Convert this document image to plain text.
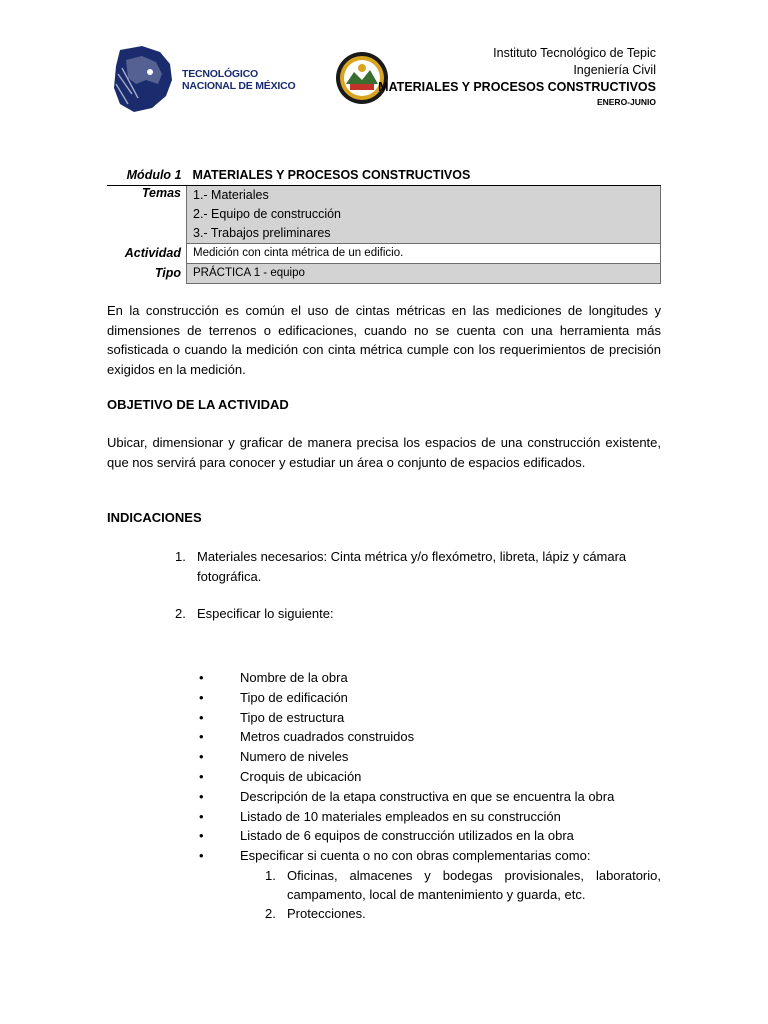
TECNOLÓGICO
NACIONAL DE MÉXICO
Instituto Tecnológico de Tepic
Ingeniería Civil
MATERIALES Y PROCESOS CONSTRUCTIVOS
ENERO-JUNIO
Módulo 1	MATERIALES Y PROCESOS CONSTRUCTIVOS
Temas	1.- Materiales
2.- Equipo de construcción
3.- Trabajos preliminares

Actividad	Medición con cinta métrica de un edificio.
Tipo	PRÁCTICA 1 - equipo
En la construcción es común el uso de cintas métricas en las mediciones de longitudes y dimensiones de terrenos o edificaciones, cuando no se cuenta con una herramienta más sofisticada o cuando la medición con cinta métrica cumple con los requerimientos de precisión exigidos en la medición.
OBJETIVO DE LA ACTIVIDAD
Ubicar, dimensionar y graficar de manera precisa los espacios de una construcción existente, que nos servirá para conocer y estudiar un área o conjunto de espacios edificados.
INDICACIONES
1. Materiales necesarios: Cinta métrica y/o flexómetro, libreta, lápiz y cámara fotográfica.
2. Especificar lo siguiente:
•	Nombre de la obra
•	Tipo de edificación
•	Tipo de estructura
•	Metros cuadrados construidos
•	Numero de niveles
•	Croquis de ubicación
•	Descripción de la etapa constructiva en que se encuentra la obra
•	Listado de 10 materiales empleados en su construcción
•	Listado de 6 equipos de construcción utilizados en la obra
•	Especificar si cuenta o no con obras complementarias como:
1. Oficinas, almacenes y bodegas provisionales, laboratorio, campamento, local de mantenimiento y guarda, etc.
2. Protecciones.
